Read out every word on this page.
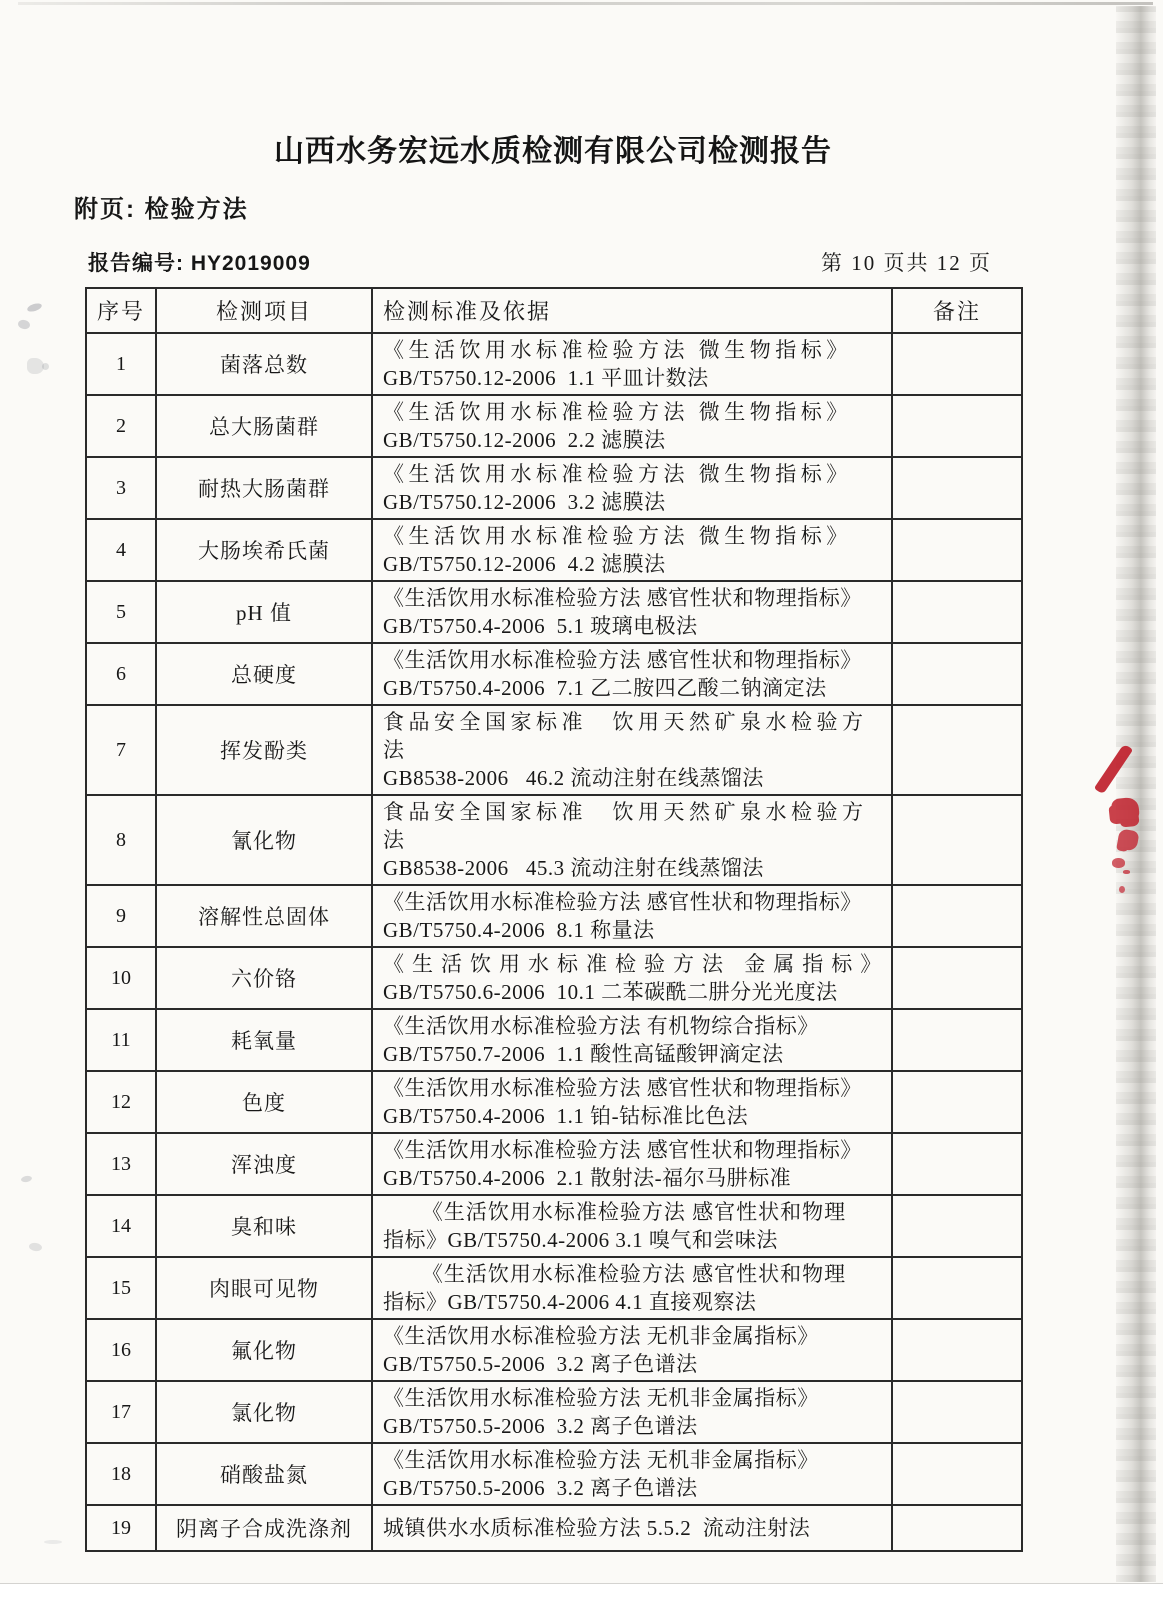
山西水务宏远水质检测有限公司检测报告
附页: 检验方法
报告编号: HY2019009	第 10 页共 12 页
序号	检测项目	检测标准及依据	备注
1	菌落总数	《生活饮用水标准检验方法 微生物指标》
GB/T5750.12-2006  1.1 平皿计数法	

2	总大肠菌群	《生活饮用水标准检验方法 微生物指标》
GB/T5750.12-2006  2.2 滤膜法	

3	耐热大肠菌群	《生活饮用水标准检验方法 微生物指标》
GB/T5750.12-2006  3.2 滤膜法	

4	大肠埃希氏菌	《生活饮用水标准检验方法 微生物指标》
GB/T5750.12-2006  4.2 滤膜法	

5	pH 值	《生活饮用水标准检验方法 感官性状和物理指标》
GB/T5750.4-2006  5.1 玻璃电极法	

6	总硬度	《生活饮用水标准检验方法 感官性状和物理指标》
GB/T5750.4-2006  7.1 乙二胺四乙酸二钠滴定法	

7	挥发酚类	食品安全国家标准　饮用天然矿泉水检验方法
GB8538-2006   46.2 流动注射在线蒸馏法	

8	氰化物	食品安全国家标准　饮用天然矿泉水检验方法
GB8538-2006   45.3 流动注射在线蒸馏法	

9	溶解性总固体	《生活饮用水标准检验方法 感官性状和物理指标》
GB/T5750.4-2006  8.1 称量法	

10	六价铬	《生活饮用水标准检验方法 金属指标》
GB/T5750.6-2006  10.1 二苯碳酰二肼分光光度法	

11	耗氧量	《生活饮用水标准检验方法 有机物综合指标》
GB/T5750.7-2006  1.1 酸性高锰酸钾滴定法	

12	色度	《生活饮用水标准检验方法 感官性状和物理指标》
GB/T5750.4-2006  1.1 铂-钴标准比色法	

13	浑浊度	《生活饮用水标准检验方法 感官性状和物理指标》
GB/T5750.4-2006  2.1 散射法-福尔马肼标准	

14	臭和味	《生活饮用水标准检验方法 感官性状和物理
指标》GB/T5750.4-2006 3.1 嗅气和尝味法	

15	肉眼可见物	《生活饮用水标准检验方法 感官性状和物理
指标》GB/T5750.4-2006 4.1 直接观察法	

16	氟化物	《生活饮用水标准检验方法 无机非金属指标》
GB/T5750.5-2006  3.2 离子色谱法	

17	氯化物	《生活饮用水标准检验方法 无机非金属指标》
GB/T5750.5-2006  3.2 离子色谱法	

18	硝酸盐氮	《生活饮用水标准检验方法 无机非金属指标》
GB/T5750.5-2006  3.2 离子色谱法	

19	阴离子合成洗涤剂	城镇供水水质标准检验方法 5.5.2  流动注射法	
